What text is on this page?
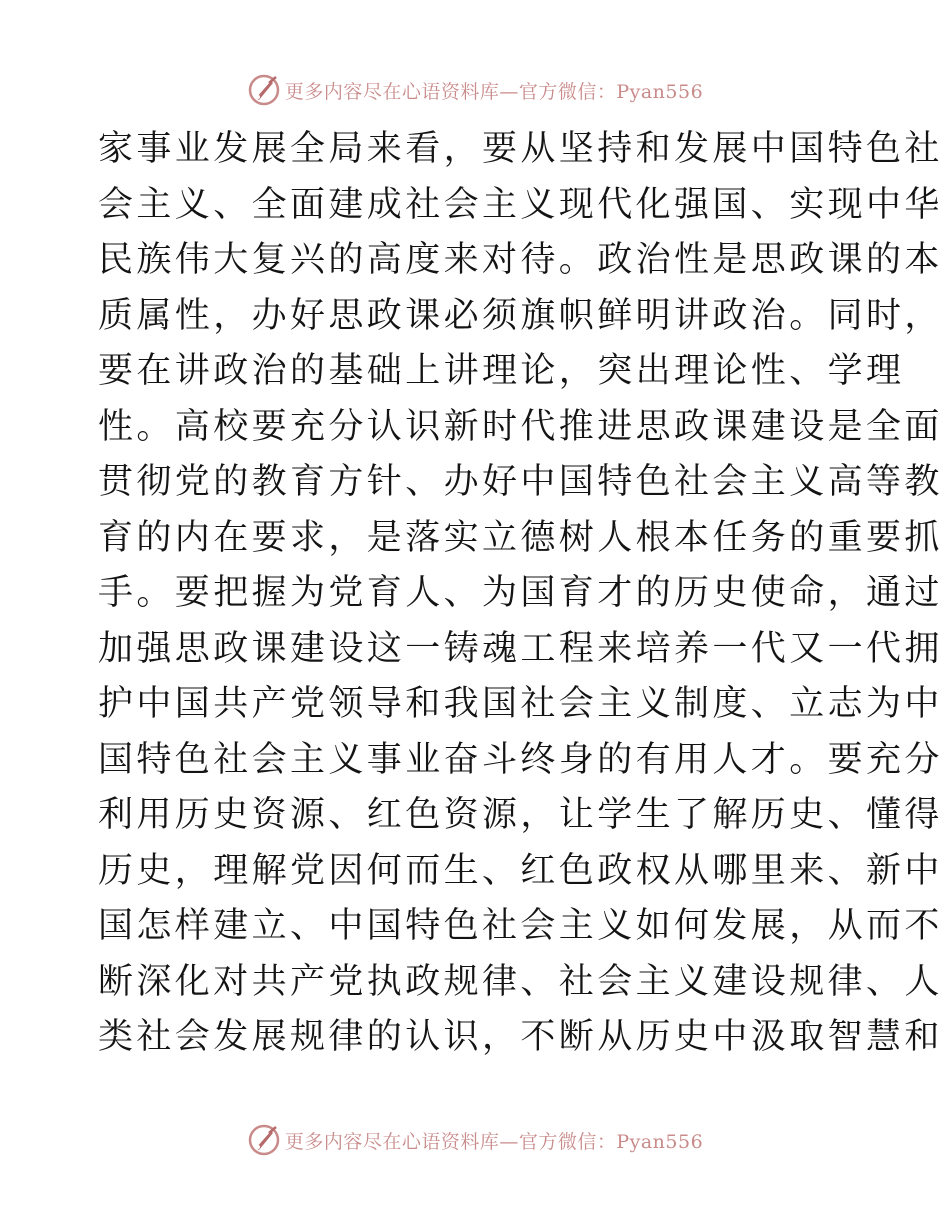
更多内容尽在心语资料库—官方微信：Pyan556
家事业发展全局来看，要从坚持和发展中国特色社
会主义、全面建成社会主义现代化强国、实现中华
民族伟大复兴的高度来对待。政治性是思政课的本
质属性，办好思政课必须旗帜鲜明讲政治。同时，
要在讲政治的基础上讲理论，突出理论性、学理
性。高校要充分认识新时代推进思政课建设是全面
贯彻党的教育方针、办好中国特色社会主义高等教
育的内在要求，是落实立德树人根本任务的重要抓
手。要把握为党育人、为国育才的历史使命，通过
加强思政课建设这一铸魂工程来培养一代又一代拥
护中国共产党领导和我国社会主义制度、立志为中
国特色社会主义事业奋斗终身的有用人才。要充分
利用历史资源、红色资源，让学生了解历史、懂得
历史，理解党因何而生、红色政权从哪里来、新中
国怎样建立、中国特色社会主义如何发展，从而不
断深化对共产党执政规律、社会主义建设规律、人
类社会发展规律的认识，不断从历史中汲取智慧和
更多内容尽在心语资料库—官方微信：Pyan556
